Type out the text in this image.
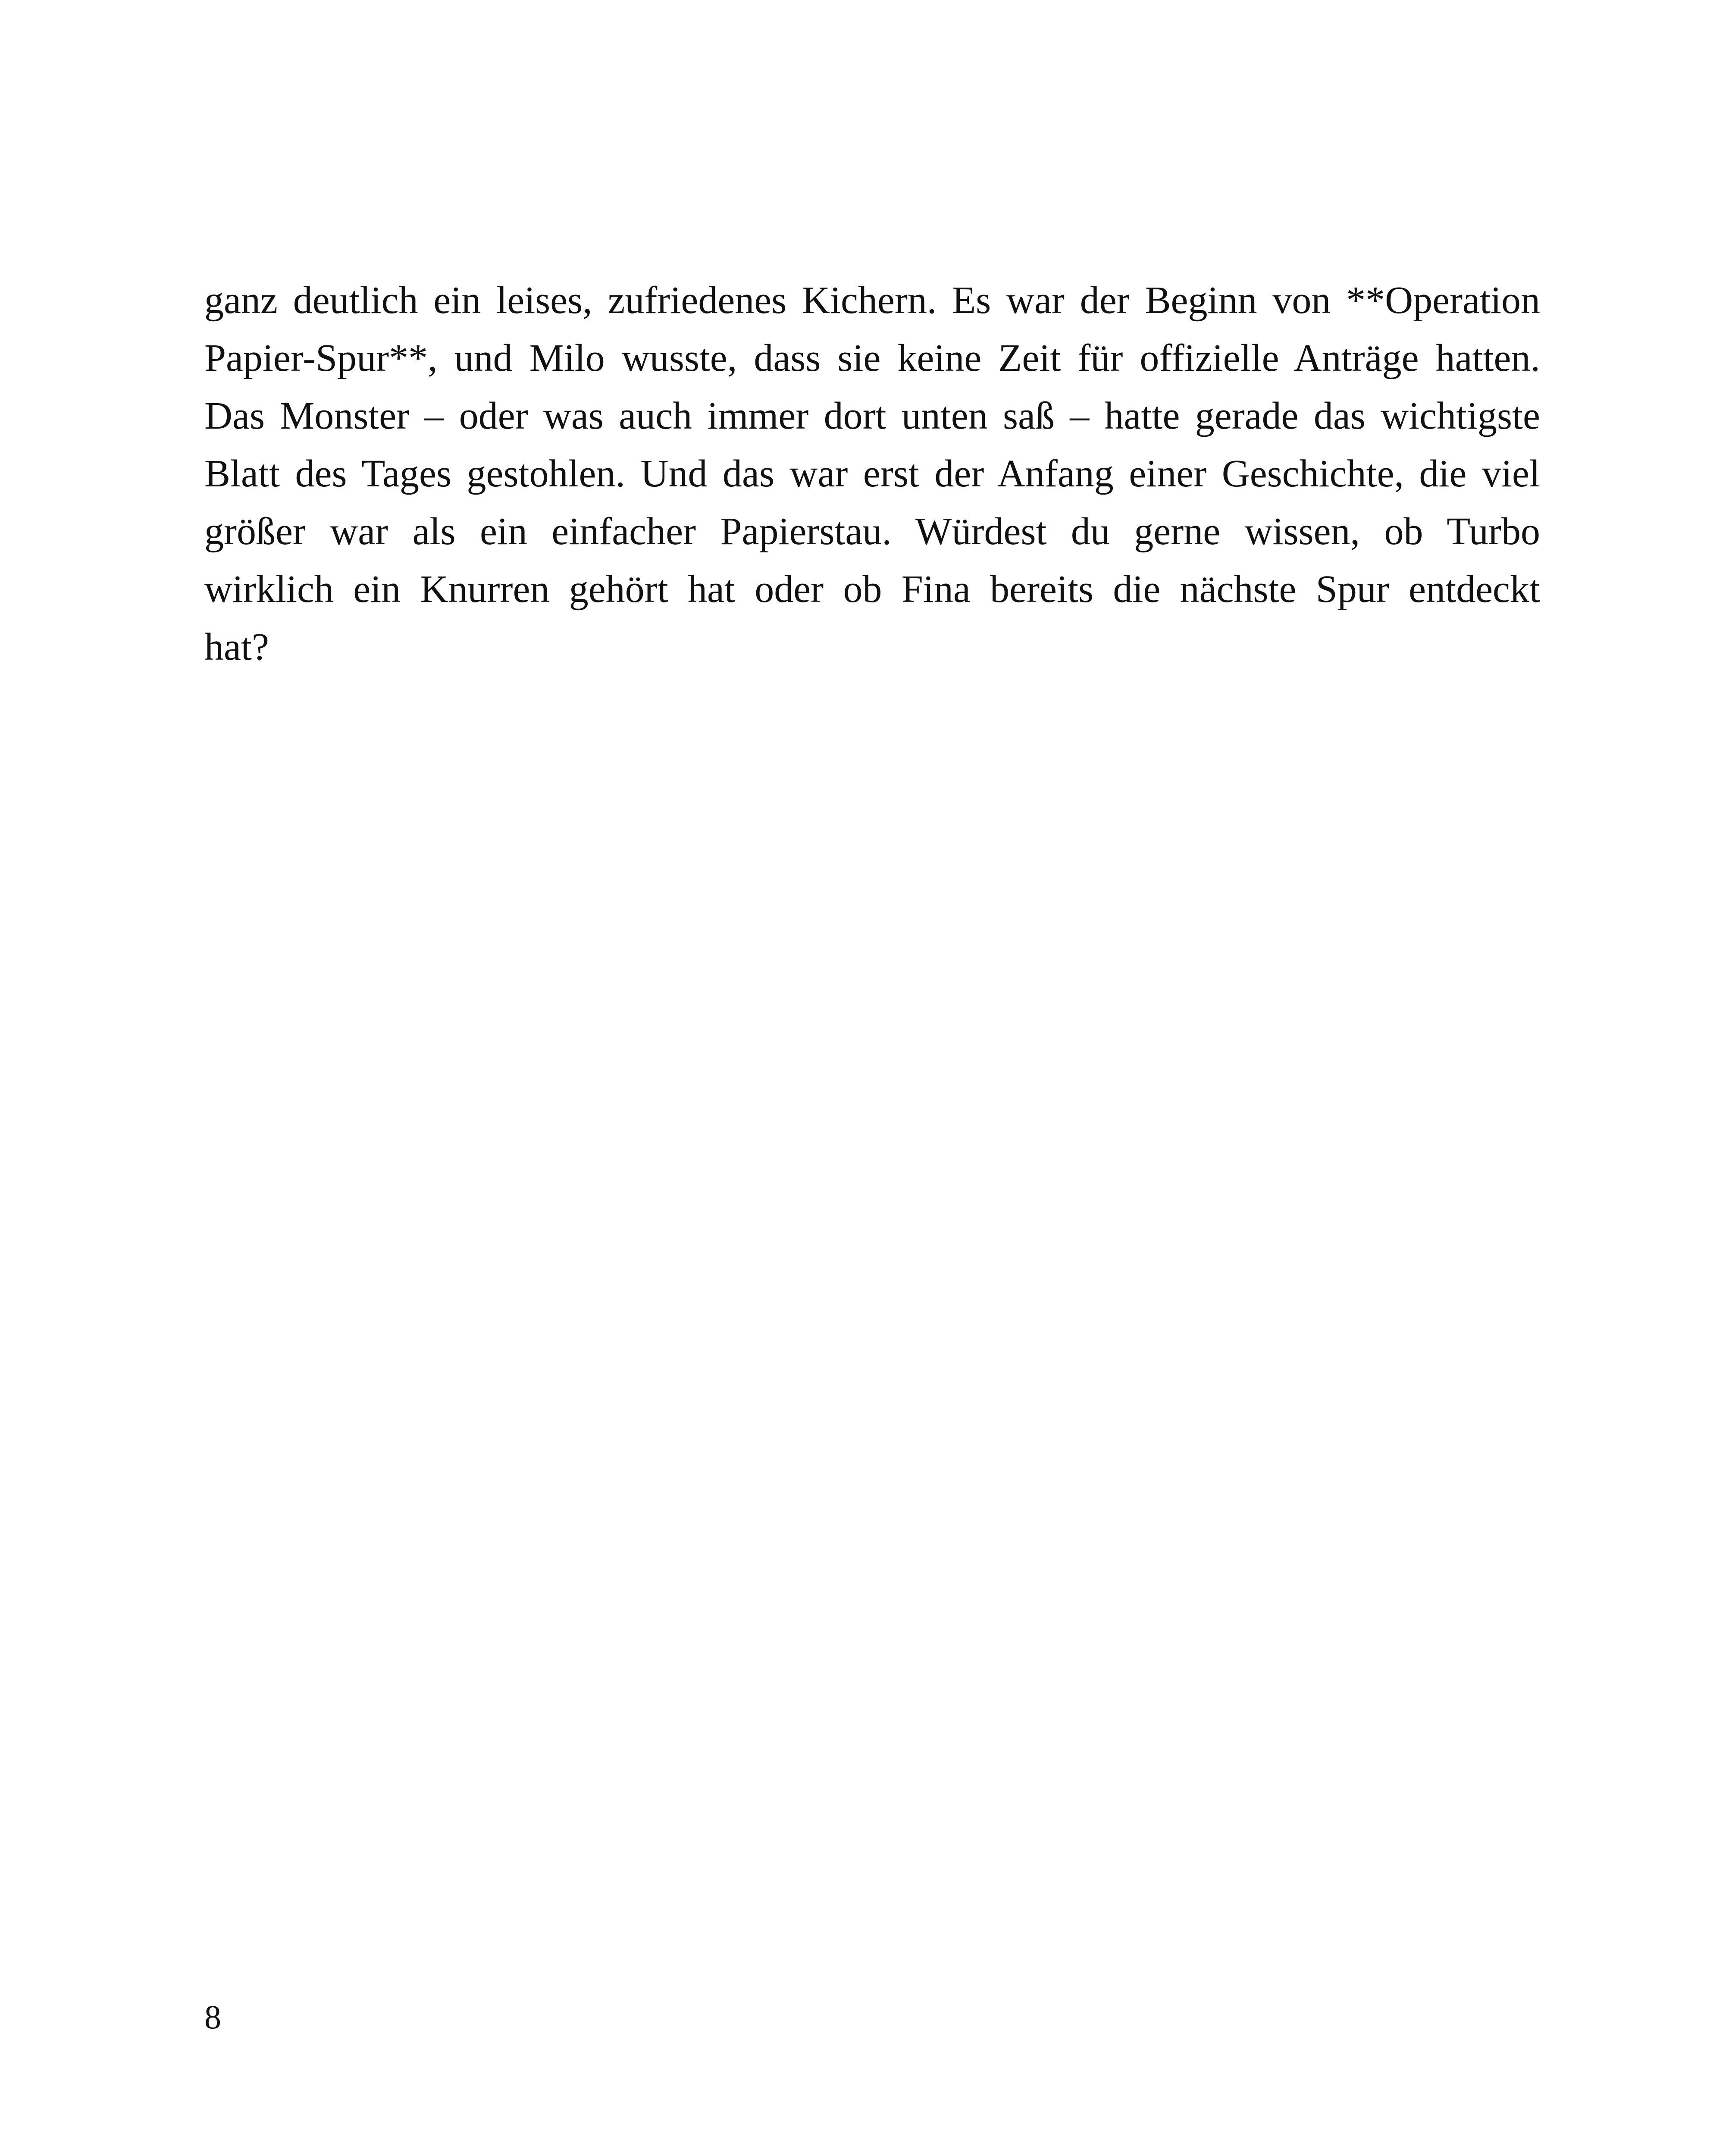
ganz deutlich ein leises, zufriedenes Kichern. Es war der Beginn von **Operation
Papier-Spur**, und Milo wusste, dass sie keine Zeit für offizielle Anträge hatten.
Das Monster – oder was auch immer dort unten saß – hatte gerade das wichtigste
Blatt des Tages gestohlen. Und das war erst der Anfang einer Geschichte, die viel
größer war als ein einfacher Papierstau. Würdest du gerne wissen, ob Turbo
wirklich ein Knurren gehört hat oder ob Fina bereits die nächste Spur entdeckt
hat?
8
